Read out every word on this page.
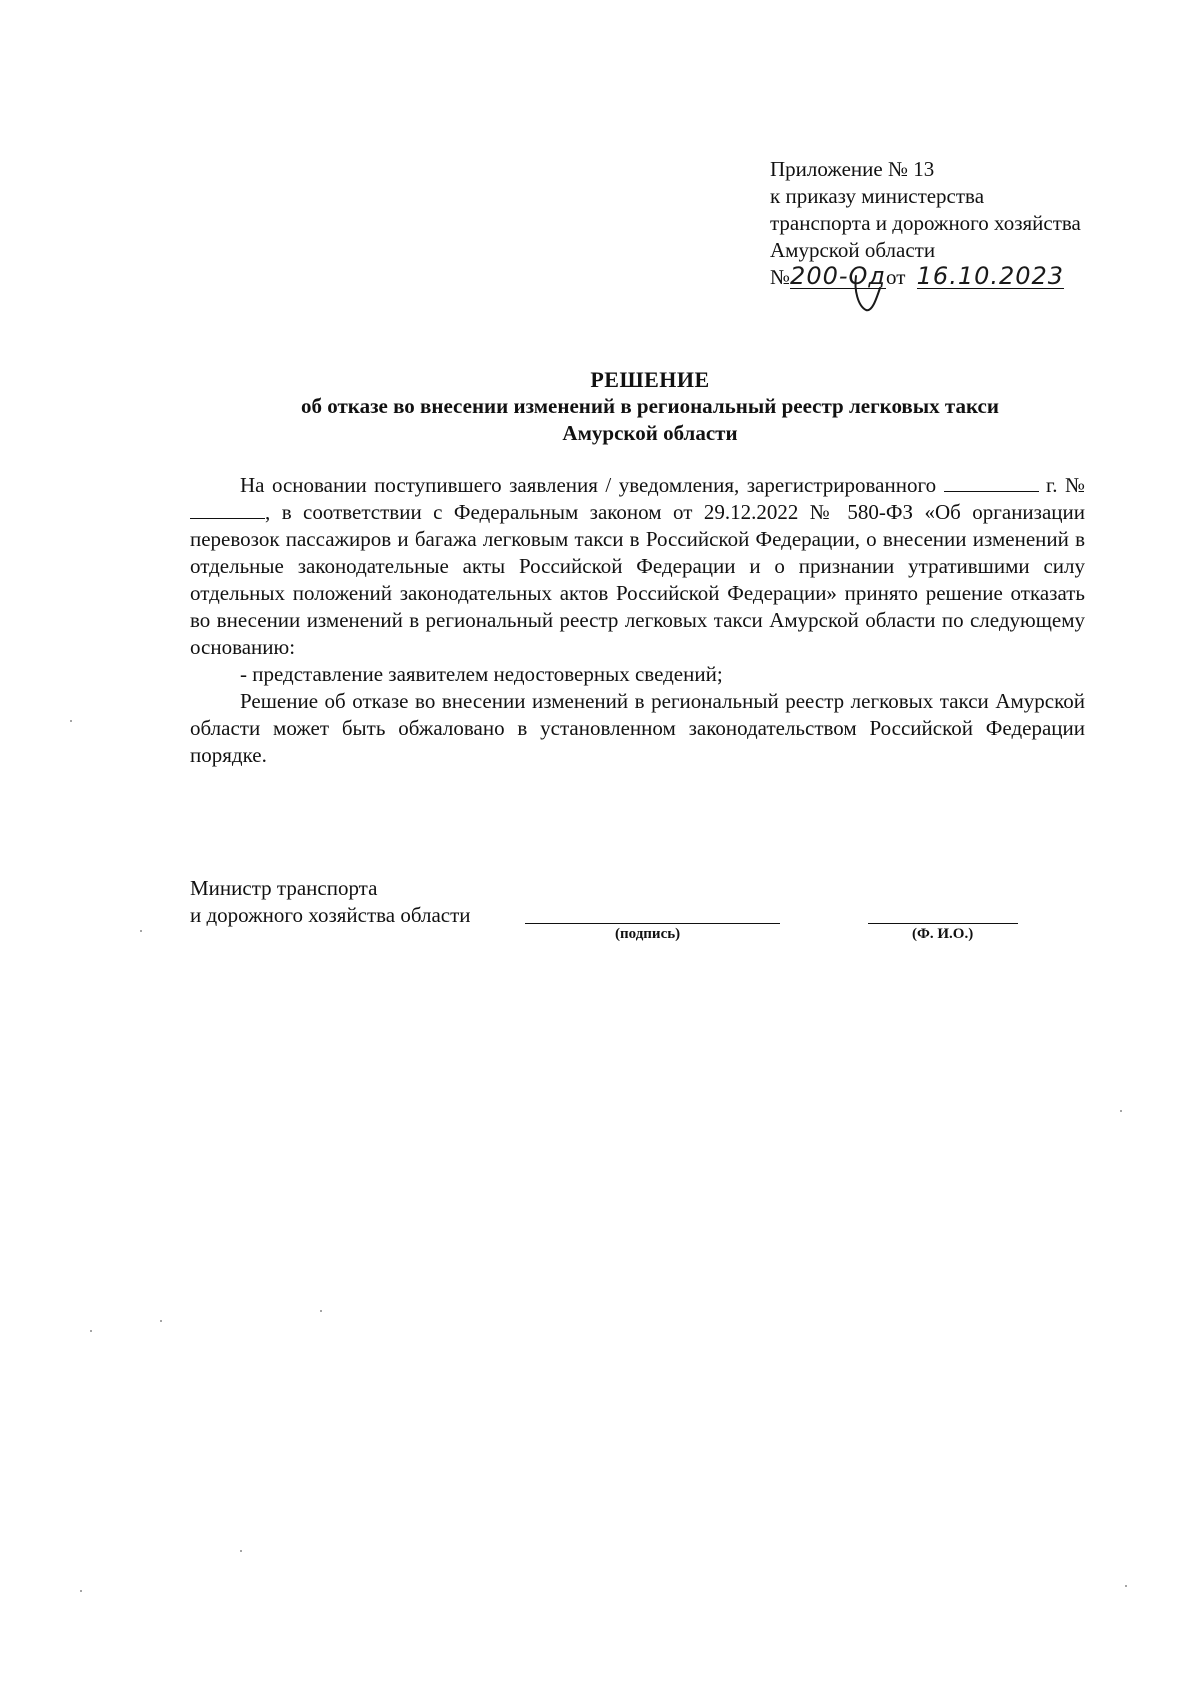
Приложение № 13
к приказу министерства
транспорта и дорожного хозяйства
Амурской области
№200-Одот 16.10.2023
РЕШЕНИЕ
об отказе во внесении изменений в региональный реестр легковых такси
Амурской области

На основании поступившего заявления / уведомления, зарегистрированного	г. № , в соответствии с Федеральным законом от 29.12.2022 № 580-ФЗ «Об организации перевозок пассажиров и багажа легковым такси в Российской Федерации, о внесении изменений в отдельные законодательные акты Российской Федерации и о признании утратившими силу отдельных положений законодательных актов Российской Федерации» принято решение отказать во внесении изменений в региональный реестр легковых такси Амурской области по следующему основанию:

- представление заявителем недостоверных сведений;

Решение об отказе во внесении изменений в региональный реестр легковых такси Амурской области может быть обжаловано в установленном законодательством Российской Федерации порядке.

Министр транспорта
и дорожного хозяйства области
(подпись)	(Ф. И.О.)
